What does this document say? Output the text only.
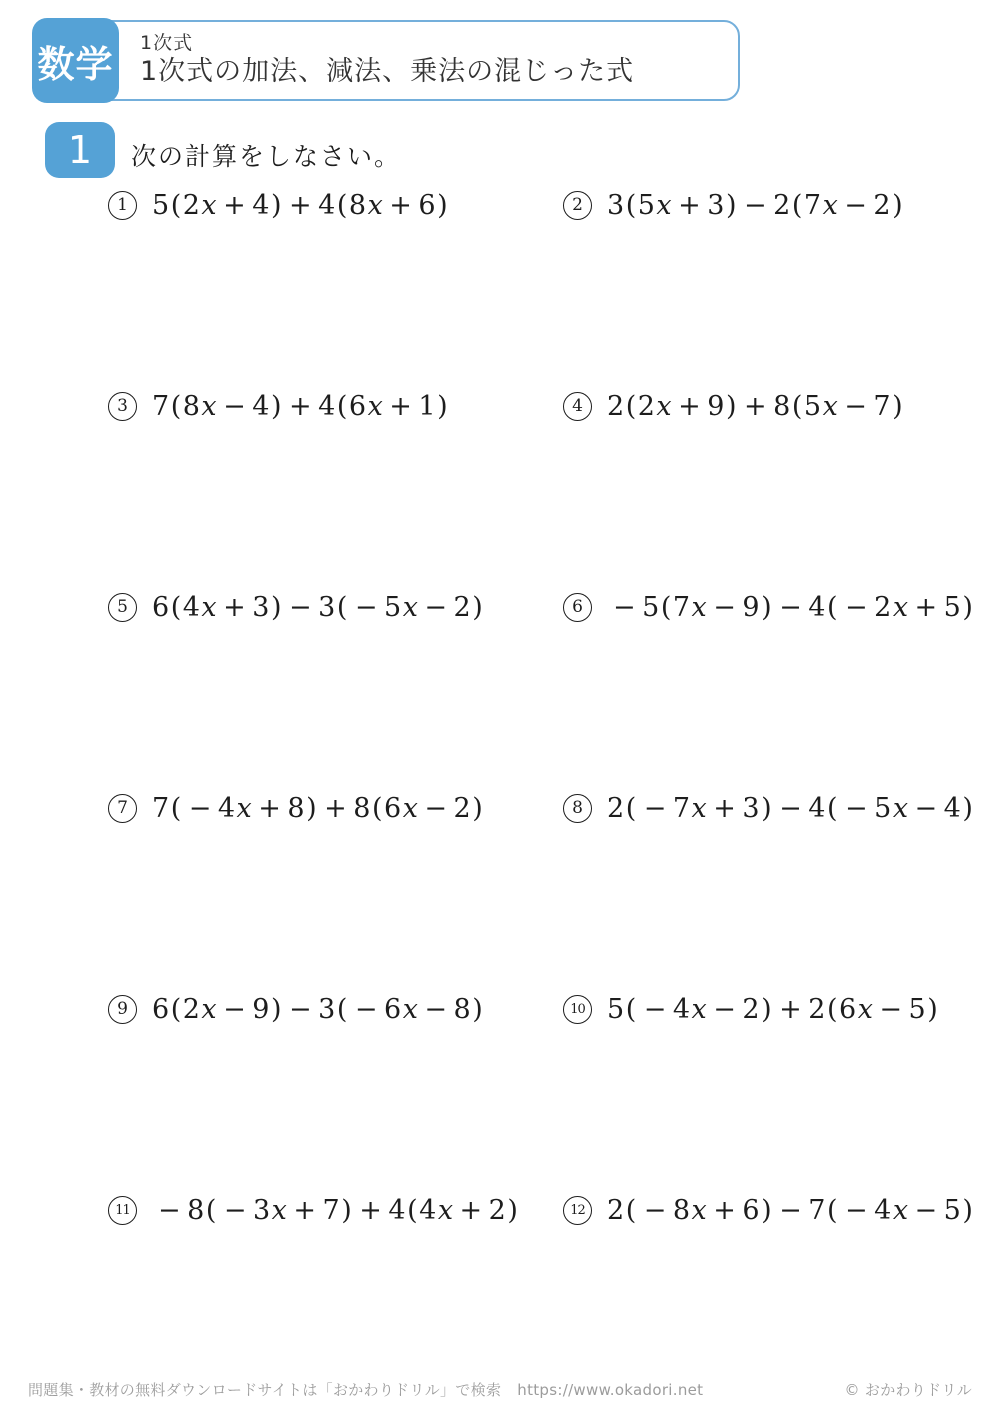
1次式
1次式の加法、減法、乗法の混じった式
数学
1	次の計算をしなさい。
1 5(2x + 4) + 4(8x + 6)	2 3(5x + 3) − 2(7x − 2)
3 7(8x − 4) + 4(6x + 1)	4 2(2x + 9) + 8(5x − 7)
5 6(4x + 3) − 3( − 5x − 2)	6	− 5(7x − 9) − 4( − 2x + 5)
7 7( − 4x + 8) + 8(6x − 2)	8 2( − 7x + 3) − 4( − 5x − 4)
9 6(2x − 9) − 3( − 6x − 8)	10 5( − 4x − 2) + 2(6x − 5)
11 − 8( − 3x + 7) + 4(4x + 2)	12 2( − 8x + 6) − 7( − 4x − 5)
問題集・教材の無料ダウンロードサイトは「おかわりドリル」で検索 https://www.okadori.net	© おかわりドリル
